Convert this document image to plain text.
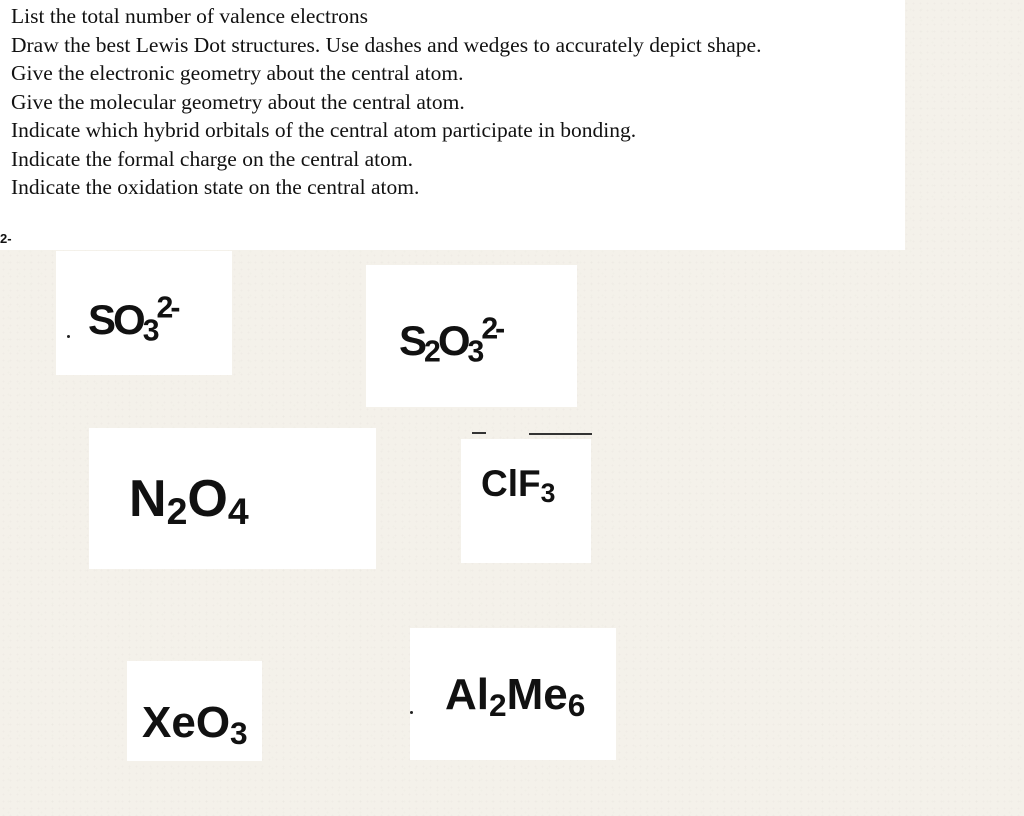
List the total number of valence electrons

Draw the best Lewis Dot structures. Use dashes and wedges to accurately depict shape.

Give the electronic geometry about the central atom.

Give the molecular geometry about the central atom.

Indicate which hybrid orbitals of the central atom participate in bonding.

Indicate the formal charge on the central atom.

Indicate the oxidation state on the central atom.

2-
$SO_3^{2-}$
$S_2O_3^{2-}$
$N_2O_4$
ClF$_3$
XeO$_3$
$Al_2Me_6$
